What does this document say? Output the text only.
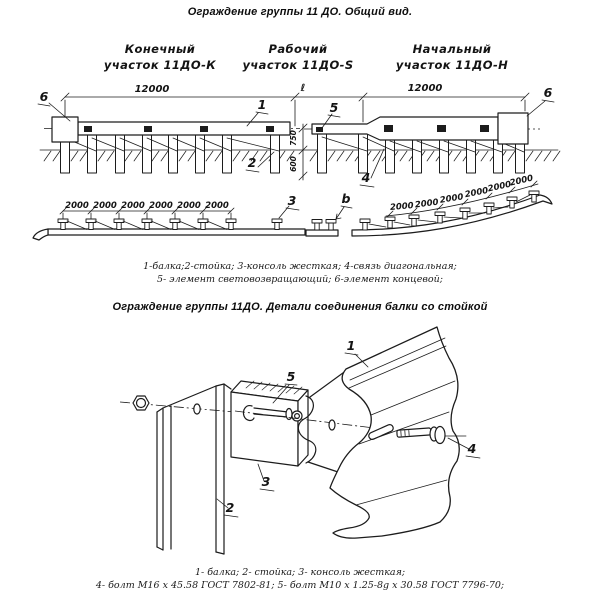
Ограждение группы 11 ДО. Общий вид.
1-балка;2-стойка; 3-консоль жесткая; 4-связь диагональная;
5- элемент световозвращающий; 6-элемент концевой;
Ограждение группы 11ДО. Детали соединения балки со стойкой
1- балка; 2- стойка; 3- консоль жесткая;
4- болт М16 х 45.58 ГОСТ 7802-81; 5- болт М10 х 1.25-8g х 30.58 ГОСТ 7796-70;
Конечный
участок 11ДО-К
Рабочий
участок 11ДО-S
Начальный
участок 11ДО-Н
12000	ℓ	12000
750
600
6
1
2
5
4
6
2000 2000 2000 2000 2000 2000	3	2000 2000 2000 2000
2000
2000
b
1
2
3
4
5
